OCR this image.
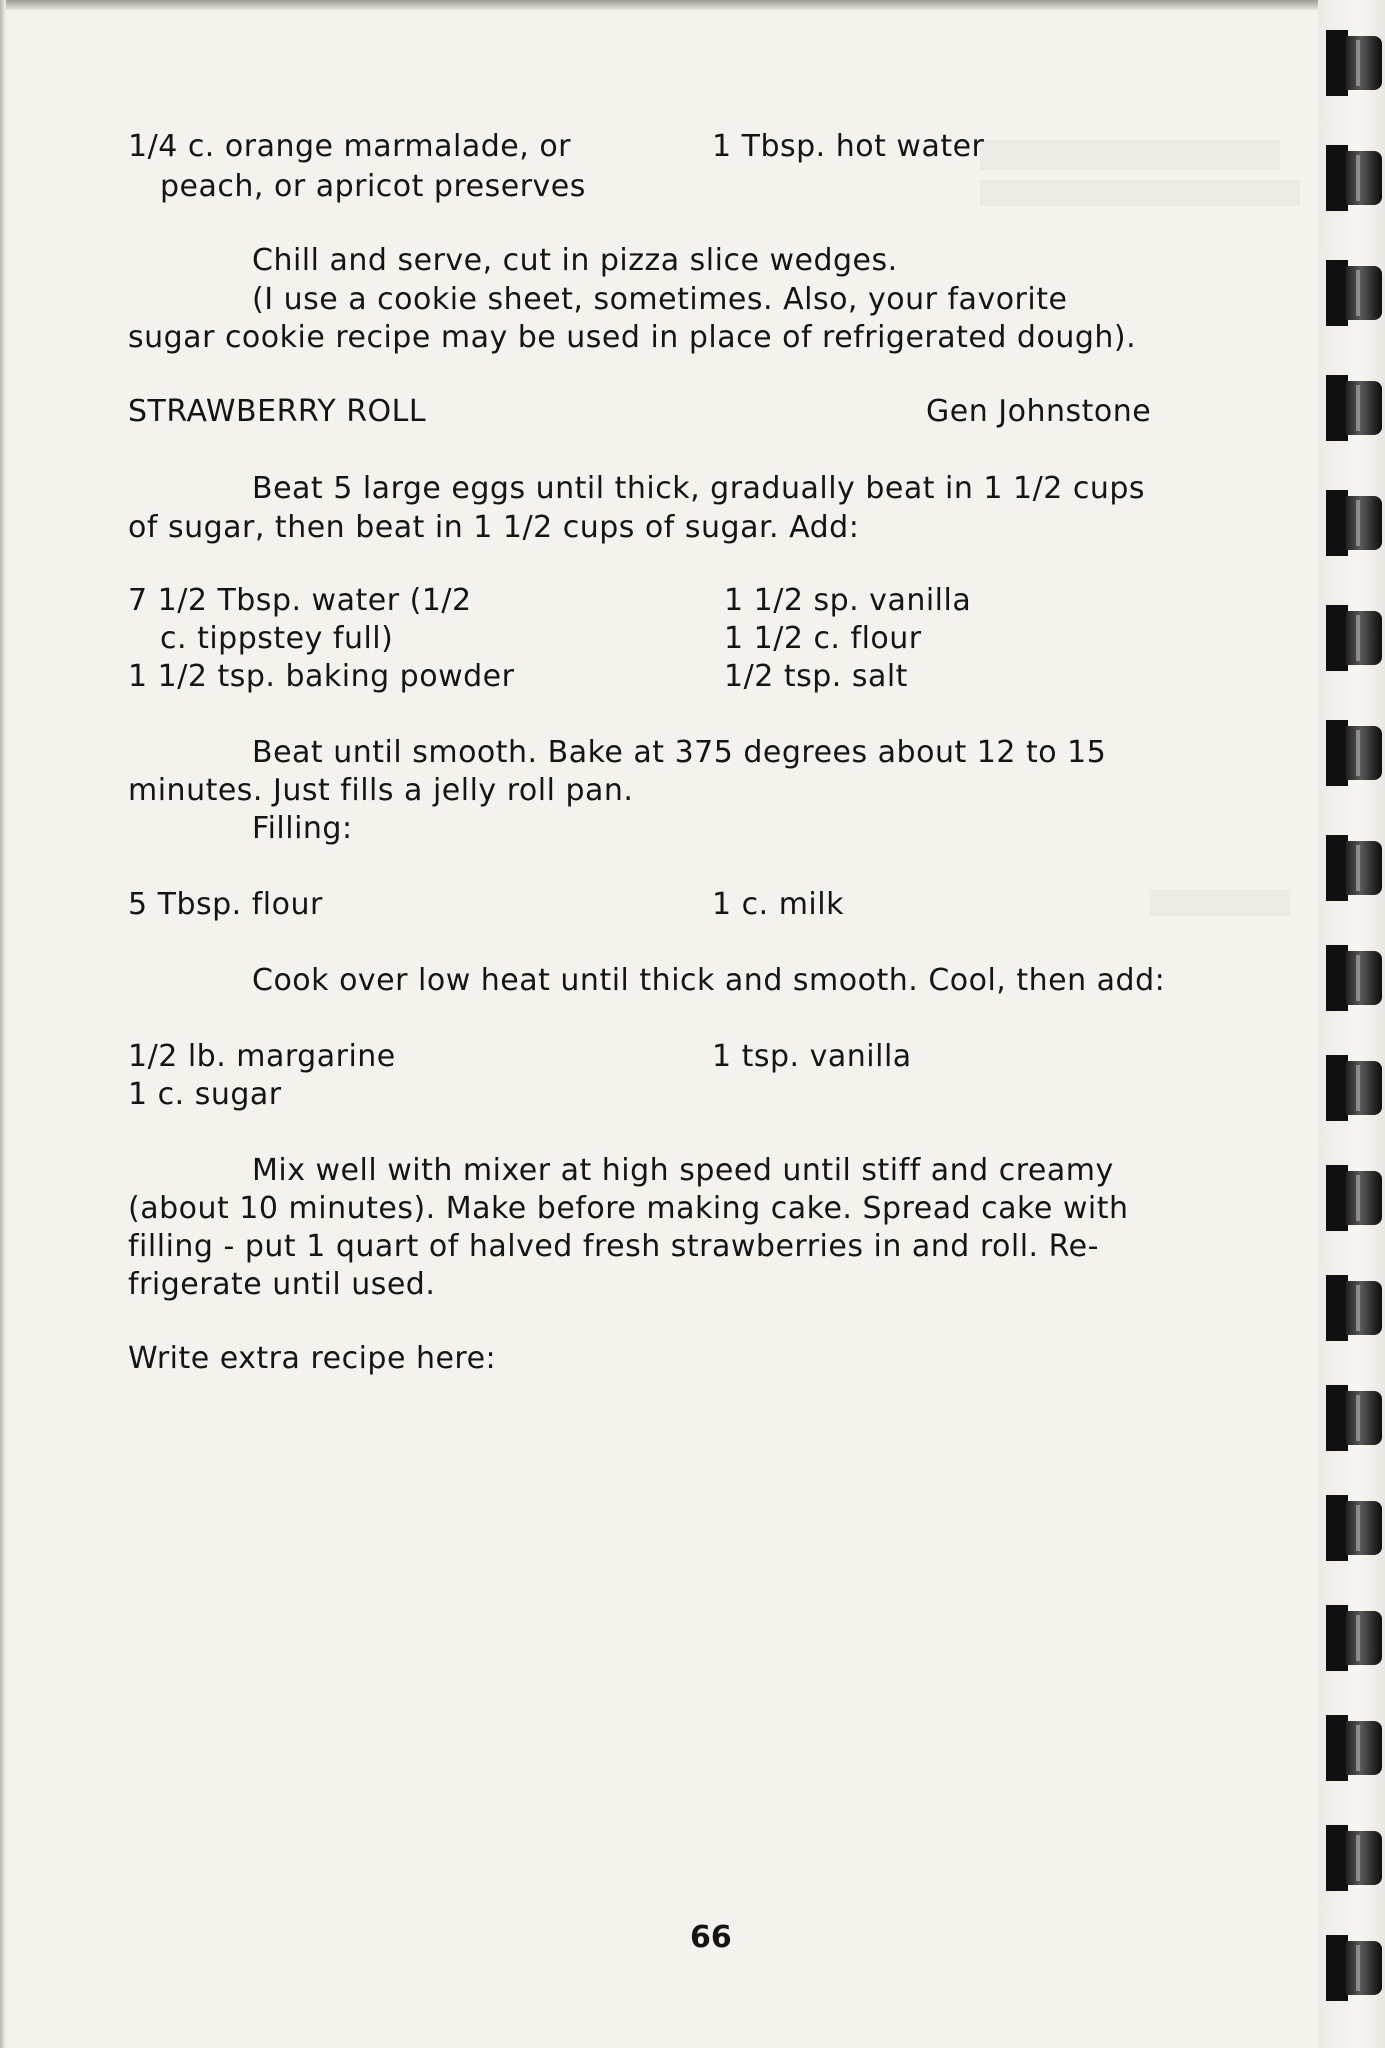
1/4 c. orange marmalade, or	1 Tbsp. hot water
peach, or apricot preserves
Chill and serve, cut in pizza slice wedges.
(I use a cookie sheet, sometimes. Also, your favorite
sugar cookie recipe may be used in place of refrigerated dough).
STRAWBERRY ROLL	Gen Johnstone
Beat 5 large eggs until thick, gradually beat in 1 1/2 cups
of sugar, then beat in 1 1/2 cups of sugar. Add:
7 1/2 Tbsp. water (1/2	1 1/2 sp. vanilla
c. tippstey full)	1 1/2 c. flour
1 1/2 tsp. baking powder	1/2 tsp. salt
Beat until smooth. Bake at 375 degrees about 12 to 15
minutes. Just fills a jelly roll pan.
Filling:
5 Tbsp. flour	1 c. milk
Cook over low heat until thick and smooth. Cool, then add:
1/2 lb. margarine	1 tsp. vanilla
1 c. sugar
Mix well with mixer at high speed until stiff and creamy
(about 10 minutes). Make before making cake. Spread cake with
filling - put 1 quart of halved fresh strawberries in and roll. Re-
frigerate until used.
Write extra recipe here:
66
